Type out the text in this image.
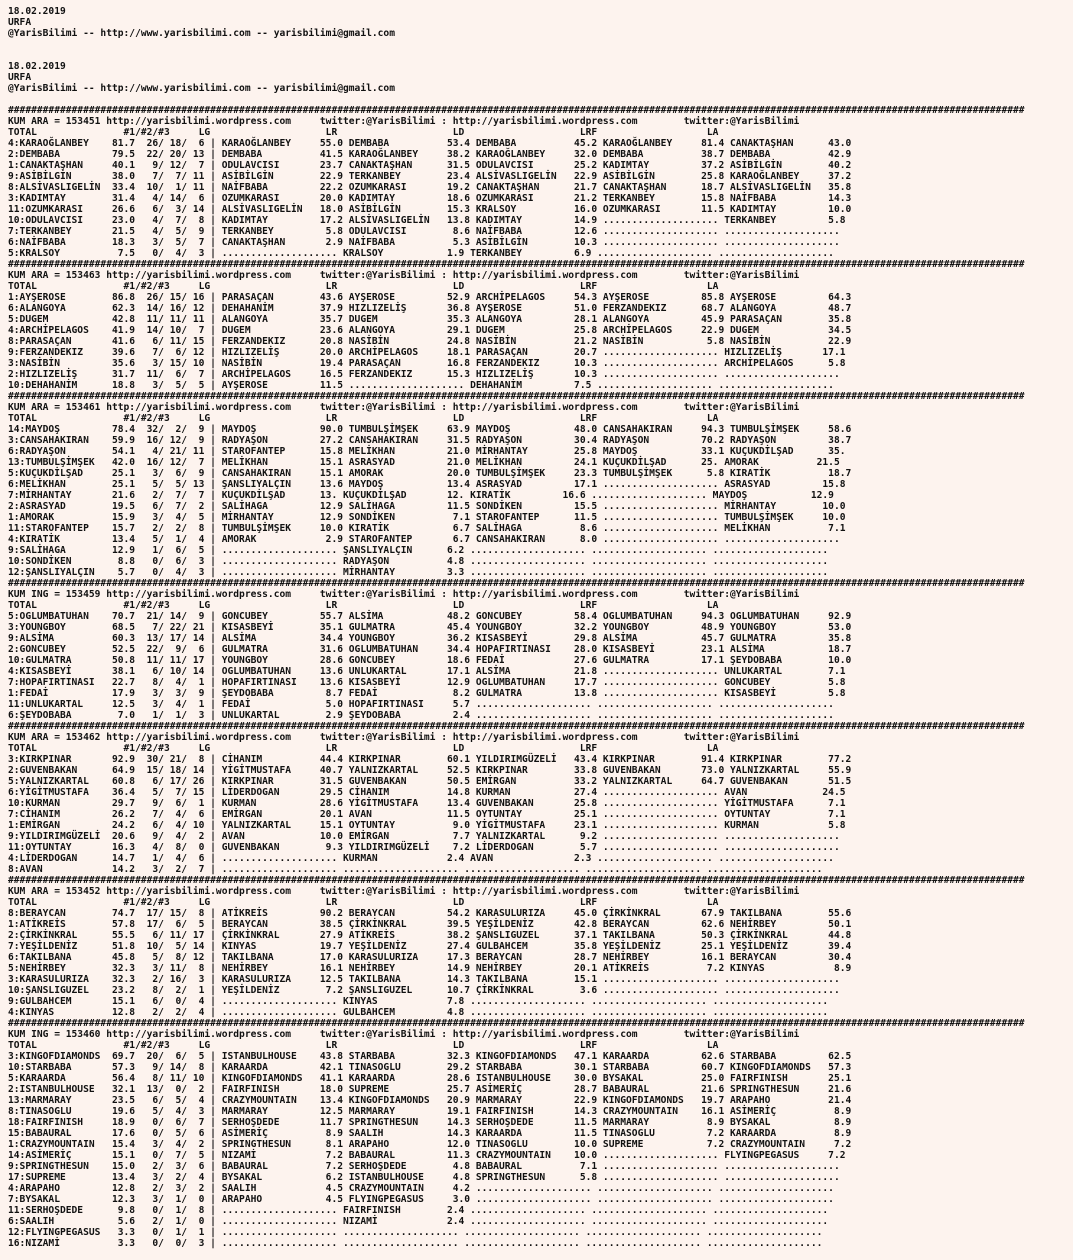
18.02.2019
URFA
@YarisBilimi -- http://www.yarisbilimi.com -- yarisbilimi@gmail.com
18.02.2019
URFA
@YarisBilimi -- http://www.yarisbilimi.com -- yarisbilimi@gmail.com
################################################################################################################################################################################
KUM ARA = 153451 http://yarisbilimi.wordpress.com     twitter:@YarisBilimi : http://yarisbilimi.wordpress.com        twitter:@YarisBilimi
TOTAL               #1/#2/#3     LG                    LR                    LD                    LRF                   LA
4:KARAOĞLANBEY    81.7  26/ 18/  6 | KARAOĞLANBEY     55.0 DEMBABA          53.4 DEMBABA          45.2 KARAOĞLANBEY     81.4 CANAKTAŞHAN      43.0
2:DEMBABA         79.5  22/ 20/ 13 | DEMBABA          41.5 KARAOĞLANBEY     38.2 KARAOĞLANBEY     32.0 DEMBABA          38.7 DEMBABA          42.9
1:CANAKTAŞHAN     40.1   9/ 12/  7 | ODULAVCISI       23.7 CANAKTAŞHAN      31.5 ODULAVCISI       25.2 KADIMTAY         37.2 ASİBİLGİN        40.2
9:ASİBİLGİN       38.0   7/  7/ 11 | ASİBİLGİN        22.9 TERKANBEY        23.4 ALSİVASLIGELİN   22.9 ASİBİLGİN        25.8 KARAOĞLANBEY     37.2
8:ALSİVASLIGELİN  33.4  10/  1/ 11 | NAİFBABA         22.2 OZUMKARASI       19.2 CANAKTAŞHAN      21.7 CANAKTAŞHAN      18.7 ALSİVASLIGELİN   35.8
3:KADIMTAY        31.4   4/ 14/  6 | OZUMKARASI       20.0 KADIMTAY         18.6 OZUMKARASI       21.2 TERKANBEY        15.8 NAİFBABA         14.3
11:OZUMKARASI     26.6   6/  3/ 14 | ALSİVASLIGELİN   18.0 ASİBİLGİN        15.3 KRALSOY          16.0 OZUMKARASI       11.5 KADIMTAY         10.0
10:ODULAVCISI     23.0   4/  7/  8 | KADIMTAY         17.2 ALSİVASLIGELİN   13.8 KADIMTAY         14.9 .................... TERKANBEY         5.8
7:TERKANBEY       21.5   4/  5/  9 | TERKANBEY         5.8 ODULAVCISI        8.6 NAİFBABA         12.6 .................... ....................
6:NAİFBABA        18.3   3/  5/  7 | CANAKTAŞHAN       2.9 NAİFBABA          5.3 ASİBİLGİN        10.3 .................... ....................
5:KRALSOY          7.5   0/  4/  3 | .................... KRALSOY           1.9 TERKANBEY         6.9 .................... ....................
################################################################################################################################################################################
KUM ARA = 153463 http://yarisbilimi.wordpress.com     twitter:@YarisBilimi : http://yarisbilimi.wordpress.com        twitter:@YarisBilimi
TOTAL               #1/#2/#3     LG                    LR                    LD                    LRF                   LA
1:AYŞEROSE        86.8  26/ 15/ 16 | PARASAÇAN        43.6 AYŞEROSE         52.9 ARCHİPELAGOS     54.3 AYŞEROSE         85.8 AYŞEROSE         64.3
6:ALANGOYA        62.3  14/ 16/ 12 | DEHAHANİM        37.9 HIZLIZELİŞ       36.8 AYŞEROSE         51.0 FERZANDEKIZ      68.7 ALANGOYA         48.7
5:DUGEM           42.8  11/ 11/ 11 | ALANGOYA         35.7 DUGEM            35.3 ALANGOYA         28.1 ALANGOYA         45.9 PARASAÇAN        35.8
4:ARCHİPELAGOS    41.9  14/ 10/  7 | DUGEM            23.6 ALANGOYA         29.1 DUGEM            25.8 ARCHİPELAGOS     22.9 DUGEM            34.5
8:PARASAÇAN       41.6   6/ 11/ 15 | FERZANDEKIZ      20.8 NASİBİN          24.8 NASİBİN          21.2 NASİBİN           5.8 NASİBİN          22.9
9:FERZANDEKIZ     39.6   7/  6/ 12 | HIZLIZELİŞ       20.0 ARCHİPELAGOS     18.1 PARASAÇAN        20.7 .................... HIZLIZELİŞ       17.1
3:NASİBİN         35.6   3/ 15/ 10 | NASİBİN          19.4 PARASAÇAN        16.8 FERZANDEKIZ      10.3 .................... ARCHİPELAGOS      5.8
2:HIZLIZELİŞ      31.7  11/  6/  7 | ARCHİPELAGOS     16.5 FERZANDEKIZ      15.3 HIZLIZELİŞ       10.3 .................... ....................
10:DEHAHANİM      18.8   3/  5/  5 | AYŞEROSE         11.5 .................... DEHAHANİM         7.5 .................... ....................
################################################################################################################################################################################
KUM ARA = 153461 http://yarisbilimi.wordpress.com     twitter:@YarisBilimi : http://yarisbilimi.wordpress.com        twitter:@YarisBilimi
TOTAL               #1/#2/#3     LG                    LR                    LD                    LRF                   LA
14:MAYDOŞ         78.4  32/  2/  9 | MAYDOŞ           90.0 TUMBULŞİMŞEK     63.9 MAYDOŞ           48.0 CANSAHAKIRAN     94.3 TUMBULŞİMŞEK     58.6
3:CANSAHAKIRAN    59.9  16/ 12/  9 | RADYAŞON         27.2 CANSAHAKIRAN     31.5 RADYAŞON         30.4 RADYAŞON         70.2 RADYAŞON         38.7
6:RADYAŞON        54.1   4/ 21/ 11 | STAROFANTEP      15.8 MELİKHAN         21.0 MİRHANTAY        25.8 MAYDOŞ           33.1 KUÇUKDİLŞAD      35.
13:TUMBULŞİMŞEK   42.0  16/ 12/  7 | MELİKHAN         15.1 ASRASYAD         21.0 MELİKHAN         24.1 KUÇUKDİLŞAD      25. AMORAK          21.5
5:KUÇUKDİLŞAD     25.1   3/  6/  9 | CANSAHAKIRAN     15.1 AMORAK           20.0 TUMBULŞİMŞEK     23.3 TUMBULŞİMŞEK      5.8 KIRATİK          18.7
6:MELİKHAN        25.1   5/  5/ 13 | ŞANSLIYALÇIN     13.6 MAYDOŞ           13.4 ASRASYAD         17.1 .................... ASRASYAD         15.8
7:MİRHANTAY       21.6   2/  7/  7 | KUÇUKDİLŞAD      13. KUÇUKDİLŞAD       12. KIRATİK         16.6 .................... MAYDOŞ           12.9
2:ASRASYAD        19.5   6/  7/  2 | SALİHAGA         12.9 SALİHAGA         11.5 SONDİKEN         15.5 .................... MİRHANTAY        10.0
1:AMORAK          15.9   3/  4/  5 | MİRHANTAY        12.9 SONDİKEN          7.1 STAROFANTEP      11.5 .................... TUMBULŞİMŞEK     10.0
11:STAROFANTEP    15.7   2/  2/  8 | TUMBULŞİMŞEK     10.0 KIRATİK           6.7 SALİHAGA          8.6 .................... MELİKHAN          7.1
4:KIRATİK         13.4   5/  1/  4 | AMORAK            2.9 STAROFANTEP       6.7 CANSAHAKIRAN      8.0 .................... ....................
9:SALİHAGA        12.9   1/  6/  5 | .................... ŞANSLIYALÇIN      6.2 .................... .................... ....................
10:SONDİKEN        8.8   0/  6/  3 | .................... RADYAŞON          4.8 .................... .................... ....................
12:ŞANSLIYALÇIN    5.7   0/  4/  3 | .................... MİRHANTAY         3.3 .................... .................... ....................
################################################################################################################################################################################
KUM ING = 153459 http://yarisbilimi.wordpress.com     twitter:@YarisBilimi : http://yarisbilimi.wordpress.com        twitter:@YarisBilimi
TOTAL               #1/#2/#3     LG                    LR                    LD                    LRF                   LA
5:OGLUMBATUHAN    70.7  21/ 14/  9 | GONCUBEY         55.7 ALSİMA           48.2 GONCUBEY         58.4 OGLUMBATUHAN     94.3 OGLUMBATUHAN     92.9
3:YOUNGBOY        68.5   7/ 22/ 21 | KISASBEYİ        35.1 GULMATRA         45.4 YOUNGBOY         32.2 YOUNGBOY         48.9 YOUNGBOY         53.0
9:ALSİMA          60.3  13/ 17/ 14 | ALSİMA           34.4 YOUNGBOY         36.2 KISASBEYİ        29.8 ALSİMA           45.7 GULMATRA         35.8
2:GONCUBEY        52.5  22/  9/  6 | GULMATRA         31.6 OGLUMBATUHAN     34.4 HOPAFIRTINASI    28.0 KISASBEYİ        23.1 ALSİMA           18.7
10:GULMATRA       50.8  11/ 11/ 17 | YOUNGBOY         28.6 GONCUBEY         18.6 FEDAİ            27.6 GULMATRA         17.1 ŞEYDOBABA        10.0
4:KISASBEYİ       38.1   6/ 10/ 14 | OGLUMBATUHAN     13.6 UNLUKARTAL       17.1 ALSİMA           21.8 .................... UNLUKARTAL        7.1
7:HOPAFIRTINASI   22.7   8/  4/  1 | HOPAFIRTINASI    13.6 KISASBEYİ        12.9 OGLUMBATUHAN     17.7 .................... GONCUBEY          5.8
1:FEDAİ           17.9   3/  3/  9 | ŞEYDOBABA         8.7 FEDAİ             8.2 GULMATRA         13.8 .................... KISASBEYİ         5.8
11:UNLUKARTAL     12.5   3/  4/  1 | FEDAİ             5.0 HOPAFIRTINASI     5.7 .................... .................... ....................
6:ŞEYDOBABA        7.0   1/  1/  3 | UNLUKARTAL        2.9 ŞEYDOBABA         2.4 .................... .................... ....................
################################################################################################################################################################################
KUM ARA = 153462 http://yarisbilimi.wordpress.com     twitter:@YarisBilimi : http://yarisbilimi.wordpress.com        twitter:@YarisBilimi
TOTAL               #1/#2/#3     LG                    LR                    LD                    LRF                   LA
3:KIRKPINAR       92.9  30/ 21/  8 | CİHANIM          44.4 KIRKPINAR        60.1 YILDIRIMGÜZELİ   43.4 KIRKPINAR        91.4 KIRKPINAR        77.2
2:GUVENBAKAN      64.9  15/ 18/ 14 | YİGİTMUSTAFA     40.7 YALNIZKARTAL     52.5 KIRKPINAR        33.8 GUVENBAKAN       73.0 YALNIZKARTAL     55.9
5:YALNIZKARTAL    60.8   6/ 17/ 26 | KIRKPINAR        31.5 GUVENBAKAN       50.5 EMİRGAN          33.2 YALNIZKARTAL     64.7 GUVENBAKAN       51.5
6:YİGİTMUSTAFA    36.4   5/  7/ 15 | LİDERDOGAN       29.5 CİHANIM          14.8 KURMAN           27.4 .................... AVAN             24.5
10:KURMAN         29.7   9/  6/  1 | KURMAN           28.6 YİGİTMUSTAFA     13.4 GUVENBAKAN       25.8 .................... YİGİTMUSTAFA      7.1
7:CİHANIM         26.2   7/  4/  6 | EMİRGAN          20.1 AVAN             11.5 OYTUNTAY         25.1 .................... OYTUNTAY          7.1
1:EMİRGAN         24.2   6/  4/ 10 | YALNIZKARTAL     15.1 OYTUNTAY          9.0 YİGİTMUSTAFA     23.1 .................... KURMAN            5.8
9:YILDIRIMGÜZELİ  20.6   9/  4/  2 | AVAN             10.0 EMİRGAN           7.7 YALNIZKARTAL      9.2 .................... ....................
11:OYTUNTAY       16.3   4/  8/  0 | GUVENBAKAN        9.3 YILDIRIMGÜZELİ    7.2 LİDERDOGAN        5.7 .................... ....................
4:LİDERDOGAN      14.7   1/  4/  6 | .................... KURMAN            2.4 AVAN              2.3 .................... ....................
8:AVAN            14.2   3/  2/  7 | .................... .................... .................... .................... ....................
################################################################################################################################################################################
KUM ARA = 153452 http://yarisbilimi.wordpress.com     twitter:@YarisBilimi : http://yarisbilimi.wordpress.com        twitter:@YarisBilimi
TOTAL               #1/#2/#3     LG                    LR                    LD                    LRF                   LA
8:BERAYCAN        74.7  17/ 15/  8 | ATİKREİS         90.2 BERAYCAN         54.2 KARASULURIZA     45.0 ÇİRKİNKRAL       67.9 TAKILBANA        55.6
1:ATİKREİS        57.8  17/  6/  5 | BERAYCAN         38.5 ÇİRKİNKRAL       39.5 YEŞİLDENİZ       42.8 BERAYCAN         62.6 NEHİRBEY         50.1
2:ÇİRKİNKRAL      55.5   6/ 11/ 17 | ÇİRKİNKRAL       27.9 ATİKREİS         38.2 ŞANSLIGUZEL      37.1 TAKILBANA        50.3 ÇİRKİNKRAL       44.8
7:YEŞİLDENİZ      51.8  10/  5/ 14 | KINYAS           19.7 YEŞİLDENİZ       27.4 GULBAHCEM        35.8 YEŞİLDENİZ       25.1 YEŞİLDENİZ       39.4
6:TAKILBANA       45.8   5/  8/ 12 | TAKILBANA        17.0 KARASULURIZA     17.3 BERAYCAN         28.7 NEHİRBEY         16.1 BERAYCAN         30.4
5:NEHİRBEY        32.3   3/ 11/  8 | NEHİRBEY         16.1 NEHİRBEY         14.9 NEHİRBEY         20.1 ATİKREİS          7.2 KINYAS            8.9
3:KARASULURIZA    32.3   2/ 16/  3 | KARASULURIZA     12.5 TAKILBANA        14.3 TAKILBANA        15.1 .................... ....................
10:ŞANSLIGUZEL    23.2   8/  2/  1 | YEŞİLDENİZ        7.2 ŞANSLIGUZEL      10.7 ÇİRKİNKRAL        3.6 .................... ....................
9:GULBAHCEM       15.1   6/  0/  4 | .................... KINYAS            7.8 .................... .................... ....................
4:KINYAS          12.8   2/  2/  4 | .................... GULBAHCEM         4.8 .................... .................... ....................
################################################################################################################################################################################
KUM ING = 153460 http://yarisbilimi.wordpress.com     twitter:@YarisBilimi : http://yarisbilimi.wordpress.com        twitter:@YarisBilimi
TOTAL               #1/#2/#3     LG                    LR                    LD                    LRF                   LA
3:KINGOFDIAMONDS  69.7  20/  6/  5 | ISTANBULHOUSE    43.8 STARBABA         32.3 KINGOFDIAMONDS   47.1 KARAARDA         62.6 STARBABA         62.5
10:STARBABA       57.3   9/ 14/  8 | KARAARDA         42.1 TINASOGLU        29.2 STARBABA         30.1 STARBABA         60.7 KINGOFDIAMONDS   57.3
5:KARAARDA        56.4   8/ 11/ 10 | KINGOFDIAMONDS   41.1 KARAARDA         28.6 ISTANBULHOUSE    30.0 BYSAKAL          25.0 FAIRFINISH       25.1
2:ISTANBULHOUSE   32.1  13/  0/  2 | FAIRFINISH       18.0 SUPREME          25.7 ASİMERİÇ         28.7 BABAURAL         21.6 SPRINGTHESUN     21.6
13:MARMARAY       23.5   6/  5/  4 | CRAZYMOUNTAIN    13.4 KINGOFDIAMONDS   20.9 MARMARAY         22.9 KINGOFDIAMONDS   19.7 ARAPAHO          21.4
8:TINASOGLU       19.6   5/  4/  3 | MARMARAY         12.5 MARMARAY         19.1 FAIRFINISH       14.3 CRAZYMOUNTAIN    16.1 ASİMERİÇ          8.9
18:FAIRFINISH     18.9   0/  6/  7 | SERHOŞDEDE       11.7 SPRINGTHESUN     14.3 SERHOŞDEDE       11.5 MARMARAY          8.9 BYSAKAL           8.9
15:BABAURAL       17.6   0/  5/  6 | ASİMERİÇ          8.9 SAALIH           14.3 KARAARDA         11.5 TINASOGLU         7.2 KARAARDA          8.9
1:CRAZYMOUNTAIN   15.4   3/  4/  2 | SPRINGTHESUN      8.1 ARAPAHO          12.0 TINASOGLU        10.0 SUPREME           7.2 CRAZYMOUNTAIN     7.2
14:ASİMERİÇ       15.1   0/  7/  5 | NIZAMİ            7.2 BABAURAL         11.3 CRAZYMOUNTAIN    10.0 .................... FLYINGPEGASUS     7.2
9:SPRINGTHESUN    15.0   2/  3/  6 | BABAURAL          7.2 SERHOŞDEDE        4.8 BABAURAL          7.1 .................... ....................
17:SUPREME        13.4   3/  2/  4 | BYSAKAL           6.2 ISTANBULHOUSE     4.8 SPRINGTHESUN      5.8 .................... ....................
4:ARAPAHO         12.8   2/  3/  2 | SAALIH            4.5 CRAZYMOUNTAIN     4.2 .................... .................... ....................
7:BYSAKAL         12.3   3/  1/  0 | ARAPAHO           4.5 FLYINGPEGASUS     3.0 .................... .................... ....................
11:SERHOŞDEDE      9.8   0/  1/  8 | .................... FAIRFINISH        2.4 .................... .................... ....................
6:SAALIH           5.6   2/  1/  0 | .................... NIZAMİ            2.4 .................... .................... ....................
12:FLYINGPEGASUS   3.3   0/  1/  1 | .................... .................... .................... .................... ....................
16:NIZAMİ          3.3   0/  0/  3 | .................... .................... .................... .................... ....................
